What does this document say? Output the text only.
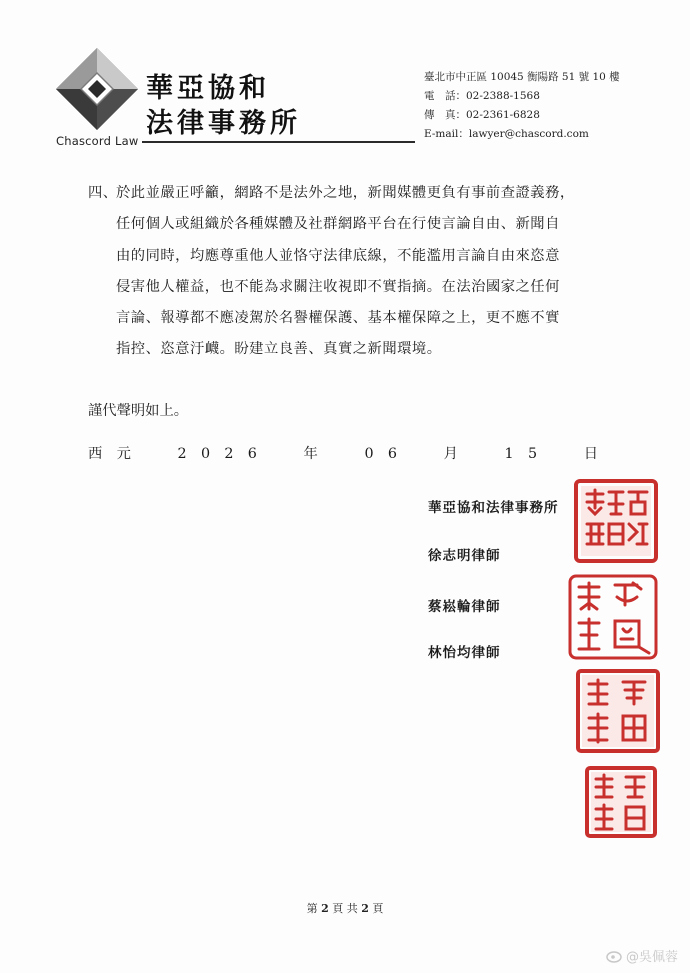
Chascord Law
華亞協和
法律事務所
臺北市中正區 10045 衡陽路 51 號 10 樓
電　話：02-2388-1568
傳　真：02-2361-6828
E-mail：lawyer@chascord.com
四、
於此並嚴正呼籲，網路不是法外之地，新聞媒體更負有事前查證義務，
任何個人或組織於各種媒體及社群網路平台在行使言論自由、新聞自
由的同時，均應尊重他人並恪守法律底線，不能濫用言論自由來恣意
侵害他人權益，也不能為求關注收視即不實指摘。在法治國家之任何
言論、報導都不應凌駕於名譽權保護、基本權保障之上，更不應不實
指控、恣意汙衊。盼建立良善、真實之新聞環境。
謹代聲明如上。
西　元	2　0　2　6	年	0　6	月	1　5	日
華亞協和法律事務所
徐志明律師
蔡崧輪律師
林怡均律師
第 2 頁 共 2 頁
@吳佩蓉
